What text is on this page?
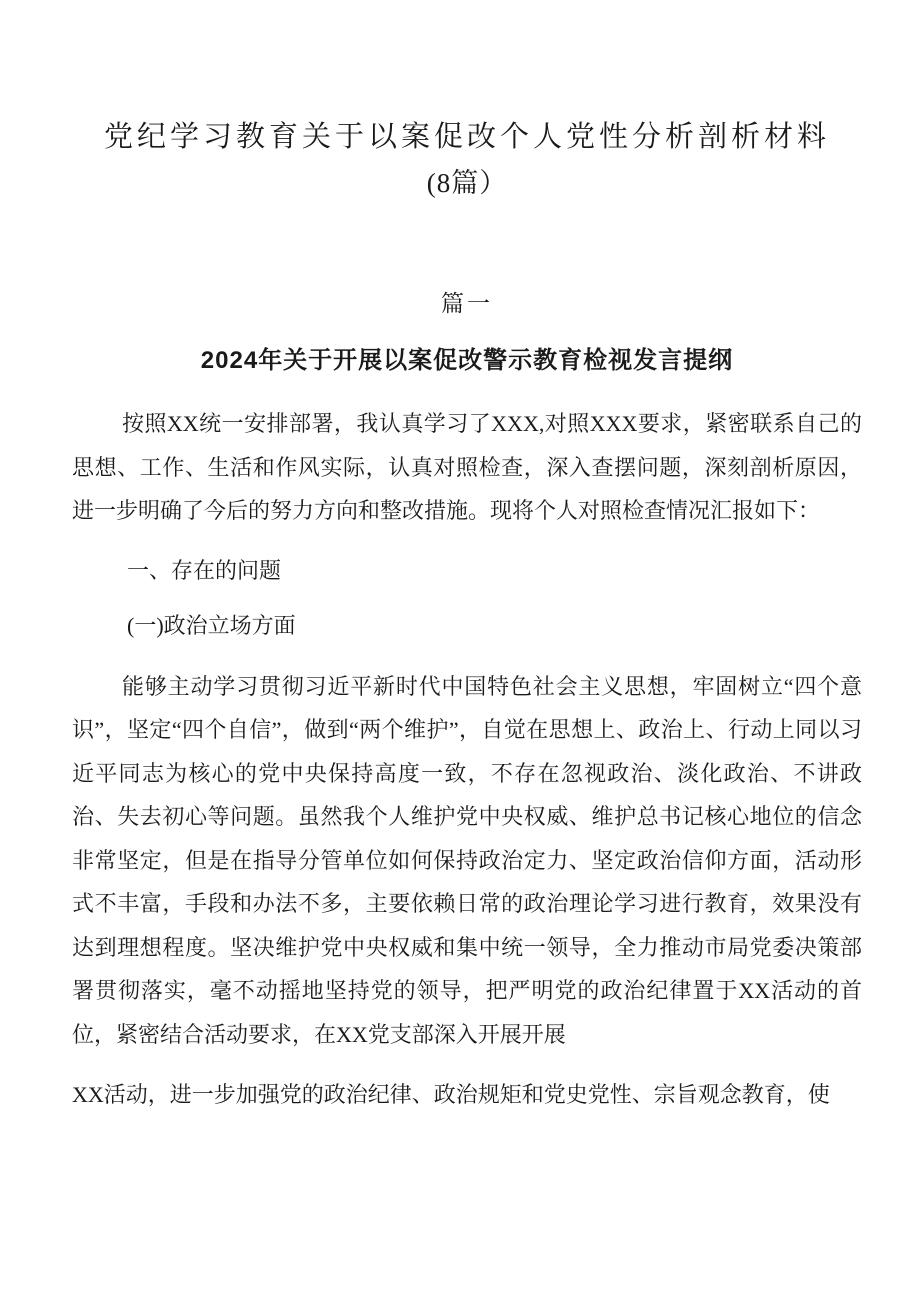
党纪学习教育关于以案促改个人党性分析剖析材料
(8篇）
篇一
2024年关于开展以案促改警示教育检视发言提纲

按照XX统一安排部署，我认真学习了XXX,对照XXX要求，紧密联系自己的思想、工作、生活和作风实际，认真对照检查，深入查摆问题，深刻剖析原因，进一步明确了今后的努力方向和整改措施。现将个人对照检查情况汇报如下：

一、存在的问题
(一)政治立场方面

能够主动学习贯彻习近平新时代中国特色社会主义思想，牢固树立“四个意识”，坚定“四个自信”，做到“两个维护”，自觉在思想上、政治上、行动上同以习近平同志为核心的党中央保持高度一致，不存在忽视政治、淡化政治、不讲政治、失去初心等问题。虽然我个人维护党中央权威、维护总书记核心地位的信念非常坚定，但是在指导分管单位如何保持政治定力、坚定政治信仰方面，活动形式不丰富，手段和办法不多，主要依赖日常的政治理论学习进行教育，效果没有达到理想程度。坚决维护党中央权威和集中统一领导，全力推动市局党委决策部署贯彻落实，毫不动摇地坚持党的领导，把严明党的政治纪律置于XX活动的首位，紧密结合活动要求，在XX党支部深入开展开展

XX活动，进一步加强党的政治纪律、政治规矩和党史党性、宗旨观念教育，使
